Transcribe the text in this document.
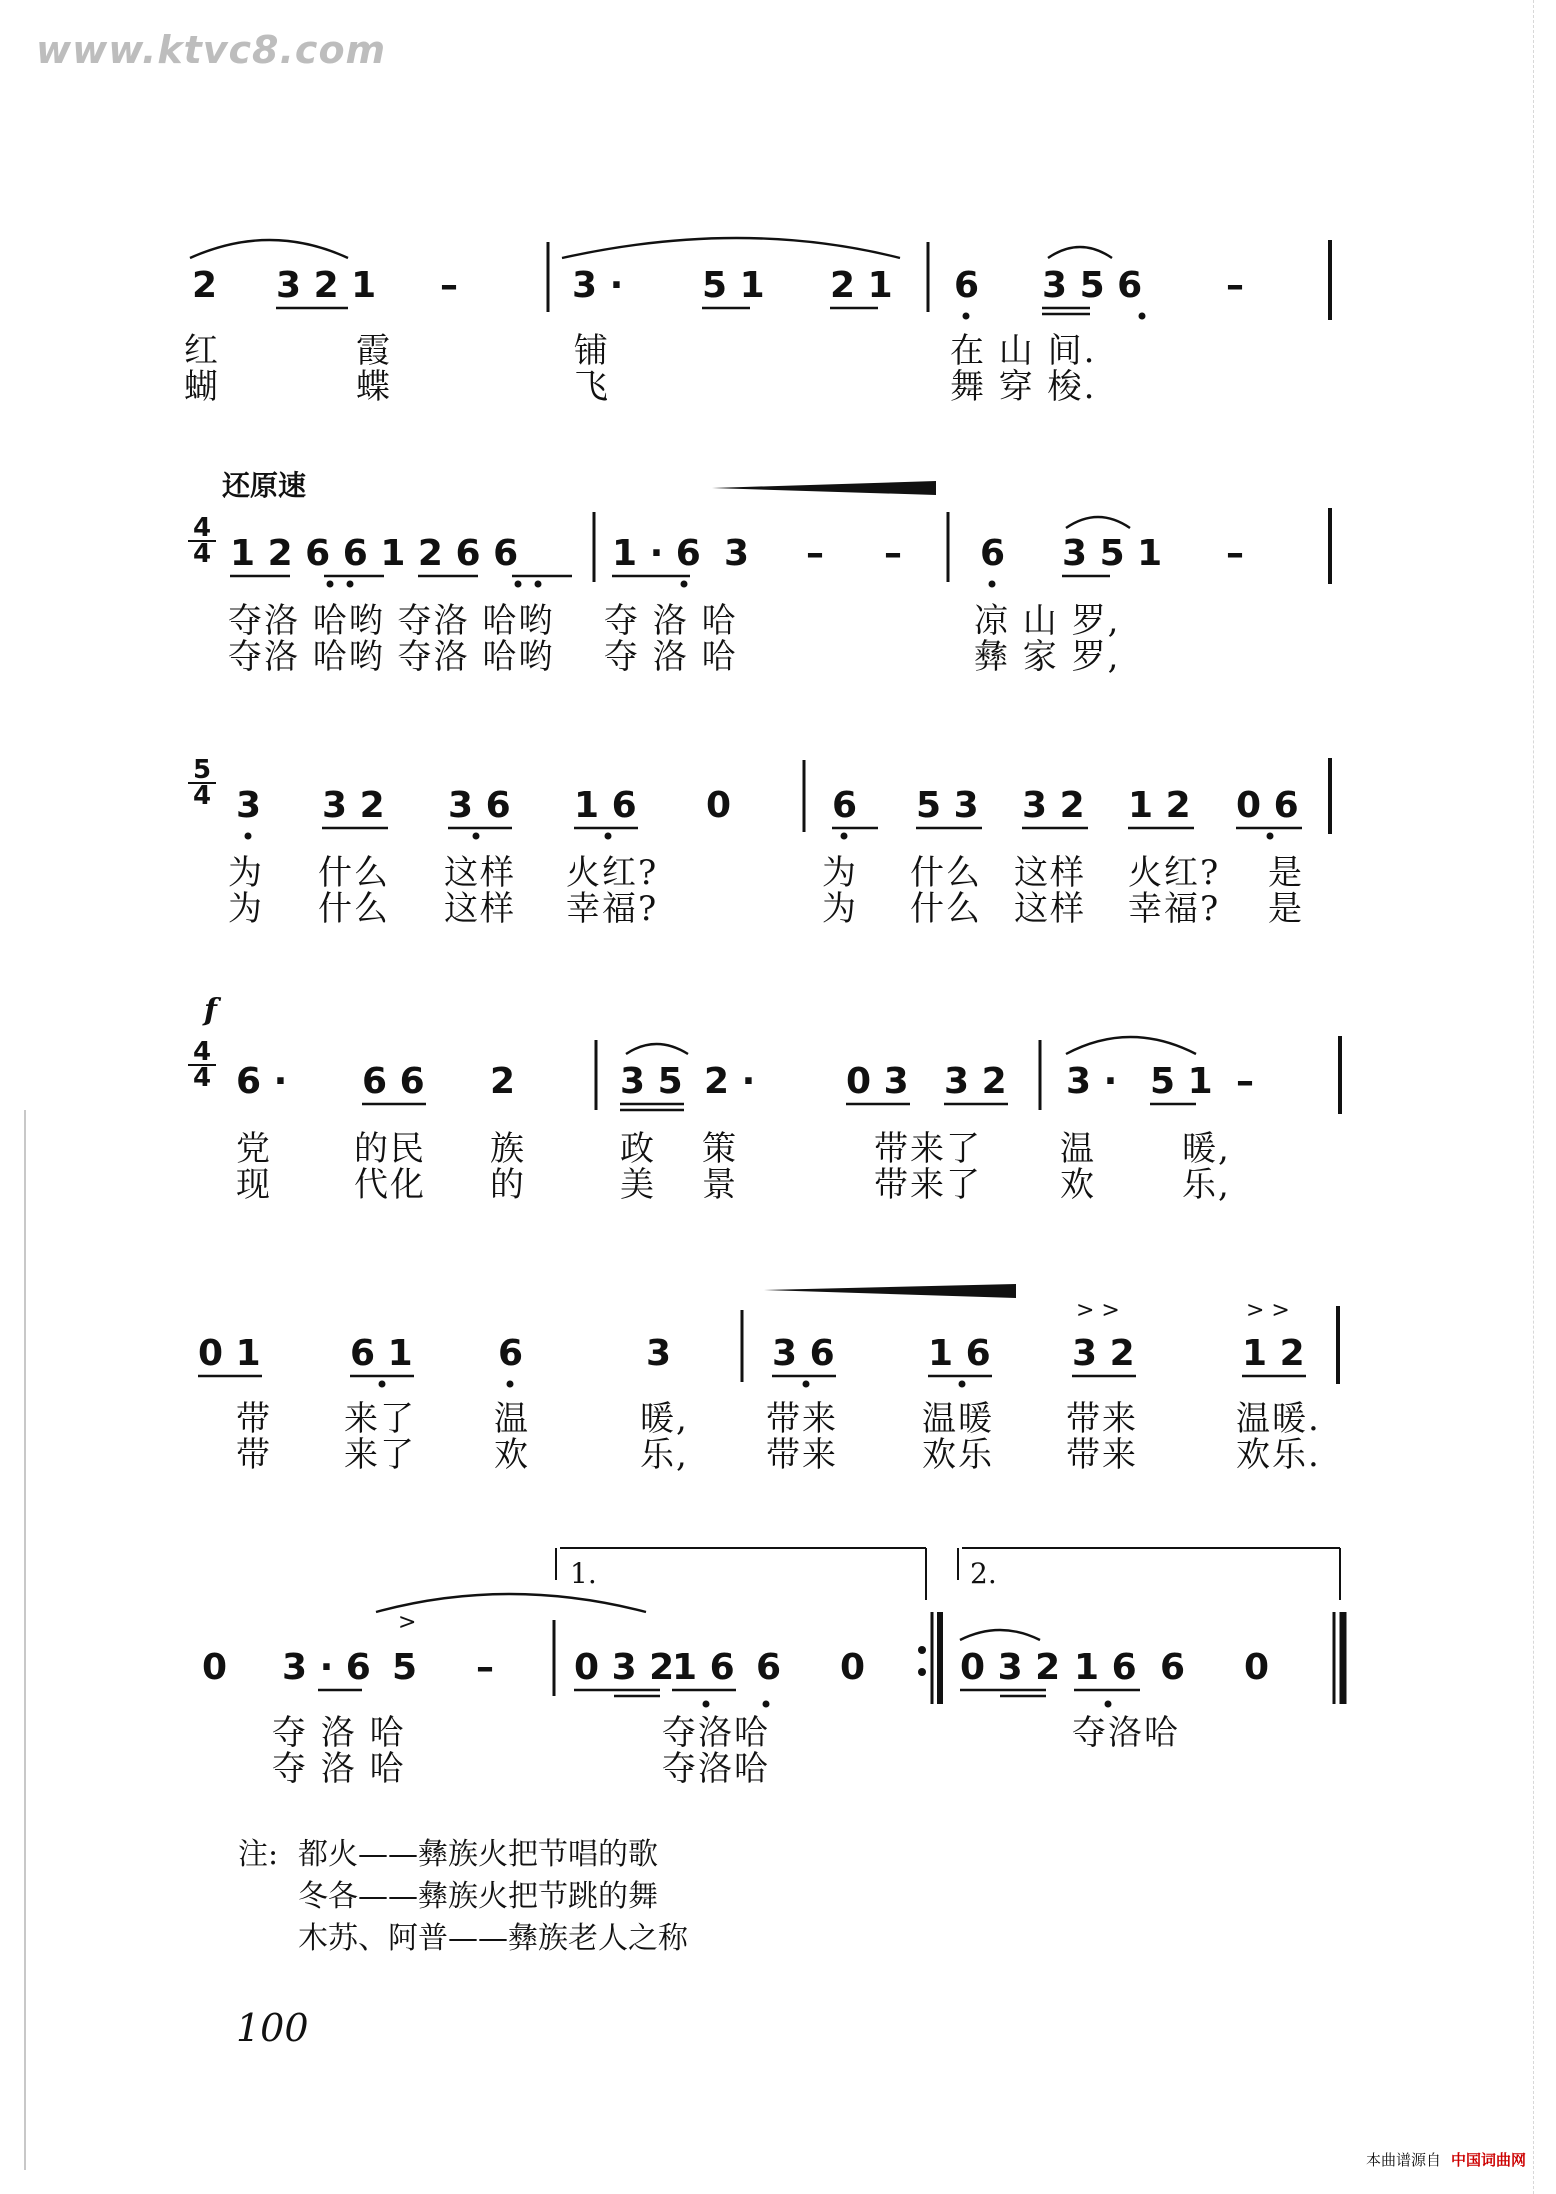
www.ktvc8.com
2 3 2 1 –	3 · 5 1 2 1 6 3 5 6 –
红	霞	铺	在 山 间.
蝴	蝶	飞	舞 穿 梭.
还原速
4
4 1 2 6 6 1 2 6 6	1 · 6 3 – – 6 3 5 1 –
夺洛 哈哟 夺洛 哈哟 夺 洛 哈	凉 山 罗,
夺洛 哈哟 夺洛 哈哟 夺 洛 哈	彝 家 罗,
5
4 3 3 2 3 6 1 6 0	6 5 3 3 2 1 2 0 6
为 什么 这样 火红?	为 什么 这样 火红? 是
为 什么 这样 幸福?	为 什么 这样 幸福? 是
f
4
4 6 · 6 6 2	3 5 2 ·	0 3 3 2 3 · 5 1 –
党 的民 族	政 策	带来了 温	暖,
现 代化 的	美 景	带来了 欢	乐,
0 1 6 1 6	3	3 6	1 6 3 2	1 2
> >	> >
带 来了 温	暖, 带来 温暖 带来	温暖.
带 来了 欢	乐, 带来 欢乐 带来	欢乐.
1.	2.
>
0 3 · 6 5 – 0 3 2
1 6 6 0	0 3 2 1 6 6 0
夺 洛 哈	夺洛哈	夺洛哈
夺 洛 哈	夺洛哈
注: 都火——彝族火把节唱的歌
冬各——彝族火把节跳的舞
木苏、阿普——彝族老人之称
100
本曲谱源自 中国词曲网
